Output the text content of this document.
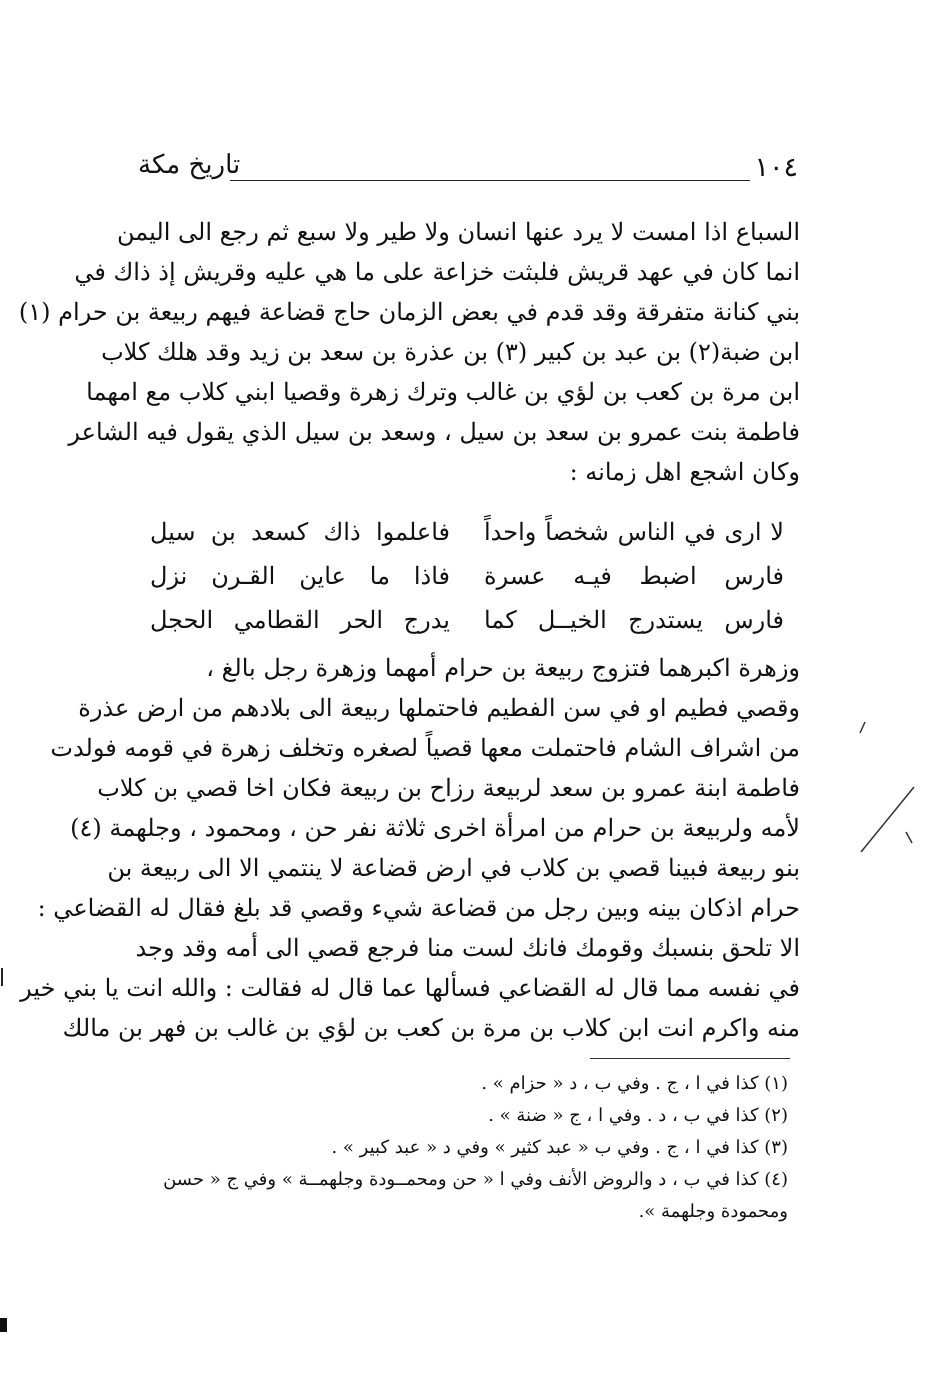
١٠٤
تاريخ مكة
السباع اذا امست لا يرد عنها انسان ولا طير ولا سبع ثم رجع الى اليمن
انما كان في عهد قريش فلبثت خزاعة على ما هي عليه وقريش إذ ذاك في
بني كنانة متفرقة وقد قدم في بعض الزمان حاج قضاعة فيهم ربيعة بن حرام (١)
ابن ضبة(٢) بن عبد بن كبير (٣) بن عذرة بن سعد بن زيد وقد هلك كلاب
ابن مرة بن كعب بن لؤي بن غالب وترك زهرة وقصيا ابني كلاب مع امهما
فاطمة بنت عمرو بن سعد بن سيل ، وسعد بن سيل الذي يقول فيه الشاعر
وكان اشجع اهل زمانه :
لا ارى في الناس شخصاً واحداً
فاعلموا ذاك كسعد بن سيل
فارس اضبط فيـه عسرة
فاذا ما عاين القـرن نزل
فارس يستدرج الخيــل كما
يدرج الحر القطامي الحجل
وزهرة اكبرهما فتزوج ربيعة بن حرام أمهما وزهرة رجل بالغ ،
وقصي فطيم او في سن الفطيم فاحتملها ربيعة الى بلادهم من ارض عذرة
من اشراف الشام فاحتملت معها قصياً لصغره وتخلف زهرة في قومه فولدت
فاطمة ابنة عمرو بن سعد لربيعة رزاح بن ربيعة فكان اخا قصي بن كلاب
لأمه ولربيعة بن حرام من امرأة اخرى ثلاثة نفر حن ، ومحمود ، وجلهمة (٤)
بنو ربيعة فبينا قصي بن كلاب في ارض قضاعة لا ينتمي الا الى ربيعة بن
حرام اذكان بينه وبين رجل من قضاعة شيء وقصي قد بلغ فقال له القضاعي :
الا تلحق بنسبك وقومك فانك لست منا فرجع قصي الى أمه وقد وجد
في نفسه مما قال له القضاعي فسألها عما قال له فقالت : والله انت يا بني خير
منه واكرم انت ابن كلاب بن مرة بن كعب بن لؤي بن غالب بن فهر بن مالك
(١) كذا في ا ، ج . وفي ب ، د « حزام » .
(٢) كذا في ب ، د . وفي ا ، ج « ضنة » .
(٣) كذا في ا ، ج . وفي ب « عبد كثير » وفي د « عبد كبير » .
(٤) كذا في ب ، د والروض الأنف وفي ا « حن ومحمــودة وجلهمــة » وفي ج « حسن
ومحمودة وجلهمة ».
